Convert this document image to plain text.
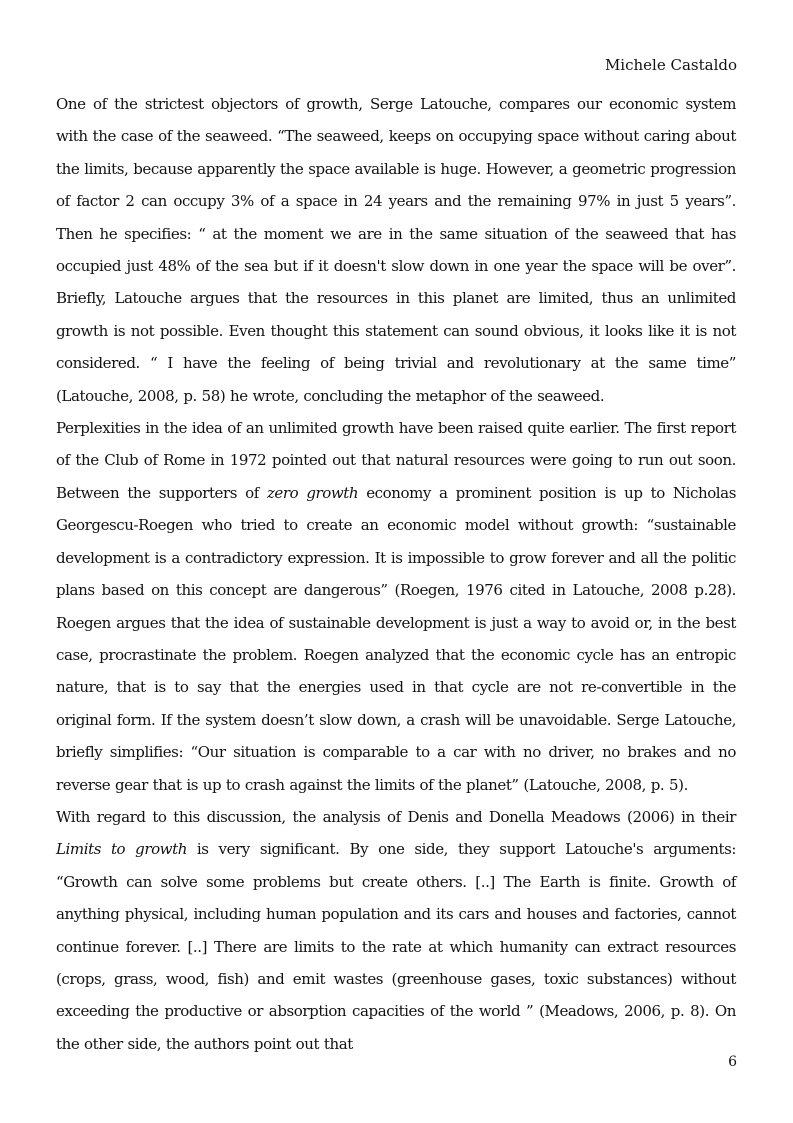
Michele Castaldo

One of the strictest objectors of growth, Serge Latouche, compares our economic system with the case of the seaweed. “The seaweed, keeps on occupying space without caring about the limits, because apparently the space available is huge. However, a geometric progression of factor 2 can occupy 3% of a space in 24 years and the remaining 97% in just 5 years”. Then he specifies: “ at the moment we are in the same situation of the seaweed that has occupied just 48% of the sea but if it doesn't slow down in one year the space will be over”. Briefly, Latouche argues that the resources in this planet are limited, thus an unlimited growth is not possible. Even thought this statement can sound obvious, it looks like it is not considered. “ I have the feeling of being trivial and revolutionary at the same time” (Latouche, 2008, p. 58) he wrote, concluding the metaphor of the seaweed.

Perplexities in the idea of an unlimited growth have been raised quite earlier. The first report of the Club of Rome in 1972 pointed out that natural resources were going to run out soon. Between the supporters of zero growth economy a prominent position is up to Nicholas Georgescu-Roegen who tried to create an economic model without growth: “sustainable development is a contradictory expression. It is impossible to grow forever and all the politic plans based on this concept are dangerous” (Roegen, 1976 cited in Latouche, 2008 p.28). Roegen argues that the idea of sustainable development is just a way to avoid or, in the best case, procrastinate the problem. Roegen analyzed that the economic cycle has an entropic nature, that is to say that the energies used in that cycle are not re-convertible in the original form. If the system doesn’t slow down, a crash will be unavoidable. Serge Latouche, briefly simplifies: “Our situation is comparable to a car with no driver, no brakes and no reverse gear that is up to crash against the limits of the planet” (Latouche, 2008, p. 5).

With regard to this discussion, the analysis of Denis and Donella Meadows (2006) in their Limits to growth is very significant. By one side, they support Latouche's arguments: “Growth can solve some problems but create others. [..] The Earth is finite. Growth of anything physical, including human population and its cars and houses and factories, cannot continue forever. [..] There are limits to the rate at which humanity can extract resources (crops, grass, wood, fish) and emit wastes (greenhouse gases, toxic substances) without exceeding the productive or absorption capacities of the world ” (Meadows, 2006, p. 8). On the other side, the authors point out that

6
